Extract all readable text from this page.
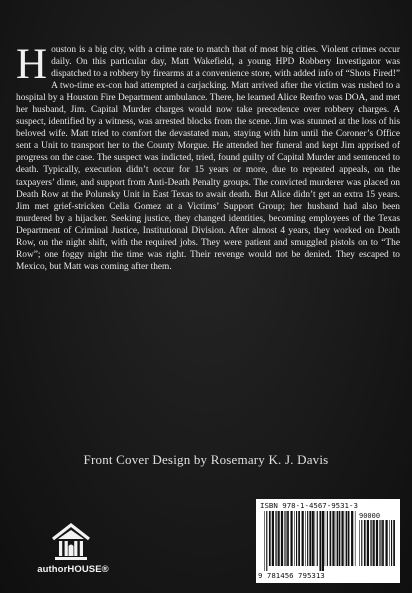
Houston is a big city, with a crime rate to match that of most big cities. Violent crimes occur daily. On this particular day, Matt Wakefield, a young HPD Robbery Investigator was dispatched to a robbery by firearms at a convenience store, with added info of “Shots Fired!” A two-time ex-con had attempted a carjacking. Matt arrived after the victim was rushed to a hospital by a Houston Fire Department ambulance. There, he learned Alice Renfro was DOA, and met her husband, Jim. Capital Murder charges would now take precedence over robbery charges. A suspect, identified by a witness, was arrested blocks from the scene. Jim was stunned at the loss of his beloved wife. Matt tried to comfort the devastated man, staying with him until the Coroner’s Office sent a Unit to transport her to the County Morgue. He attended her funeral and kept Jim apprised of progress on the case. The suspect was indicted, tried, found guilty of Capital Murder and sentenced to death. Typically, execution didn’t occur for 15 years or more, due to repeated appeals, on the taxpayers’ dime, and support from Anti-Death Penalty groups. The convicted murderer was placed on Death Row at the Polunsky Unit in East Texas to await death. But Alice didn’t get an extra 15 years. Jim met grief-stricken Celia Gomez at a Victims’ Support Group; her husband had also been murdered by a hijacker. Seeking justice, they changed identities, becoming employees of the Texas Department of Criminal Justice, Institutional Division. After almost 4 years, they worked on Death Row, on the night shift, with the required jobs. They were patient and smuggled pistols on to “The Row”; one foggy night the time was right. Their revenge would not be denied. They escaped to Mexico, but Matt was coming after them.

Front Cover Design by Rosemary K. J. Davis
authorHOUSE®
ISBN 978-1-4567-9531-3
90000
9 781456 795313
